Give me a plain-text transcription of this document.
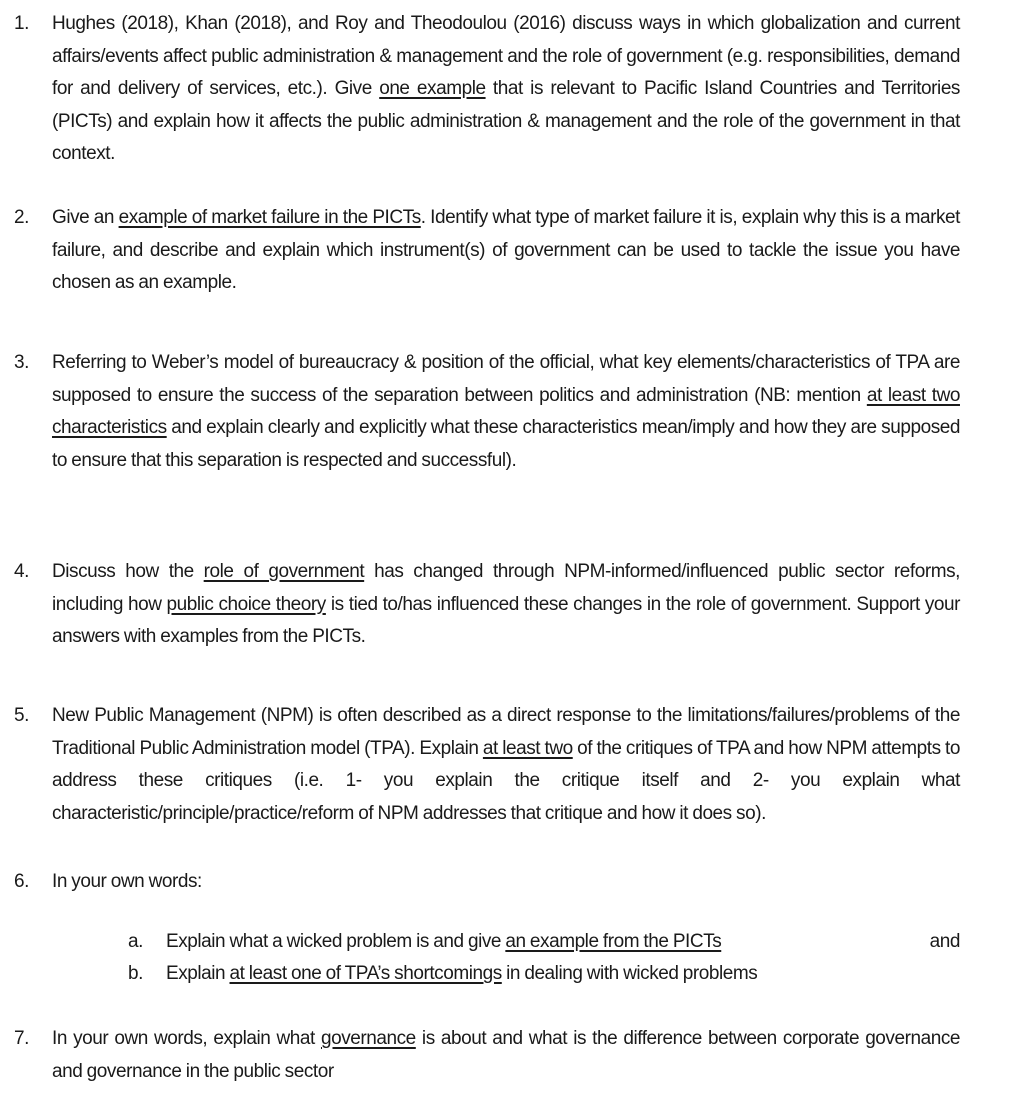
1.	Hughes (2018), Khan (2018), and Roy and Theodoulou (2016) discuss ways in which globalization and current affairs/events affect public administration & management and the role of government (e.g. responsibilities, demand for and delivery of services, etc.). Give one example that is relevant to Pacific Island Countries and Territories (PICTs) and explain how it affects the public administration & management and the role of the government in that context.
2.	Give an example of market failure in the PICTs. Identify what type of market failure it is, explain why this is a market failure, and describe and explain which instrument(s) of government can be used to tackle the issue you have chosen as an example.
3.	Referring to Weber’s model of bureaucracy & position of the official, what key elements/characteristics of TPA are supposed to ensure the success of the separation between politics and administration (NB: mention at least two characteristics and explain clearly and explicitly what these characteristics mean/imply and how they are supposed to ensure that this separation is respected and successful).
4.	Discuss how the role of government has changed through NPM-informed/influenced public sector reforms, including how public choice theory is tied to/has influenced these changes in the role of government. Support your answers with examples from the PICTs.
5.	New Public Management (NPM) is often described as a direct response to the limitations/failures/problems of the Traditional Public Administration model (TPA). Explain at least two of the critiques of TPA and how NPM attempts to address these critiques (i.e. 1- you explain the critique itself and 2- you explain what characteristic/principle/practice/reform of NPM addresses that critique and how it does so).
6.	In your own words:
a. Explain what a wicked problem is and give an example from the PICTs	and
b. Explain at least one of TPA’s shortcomings in dealing with wicked problems
7.	In your own words, explain what governance is about and what is the difference between corporate governance and governance in the public sector
